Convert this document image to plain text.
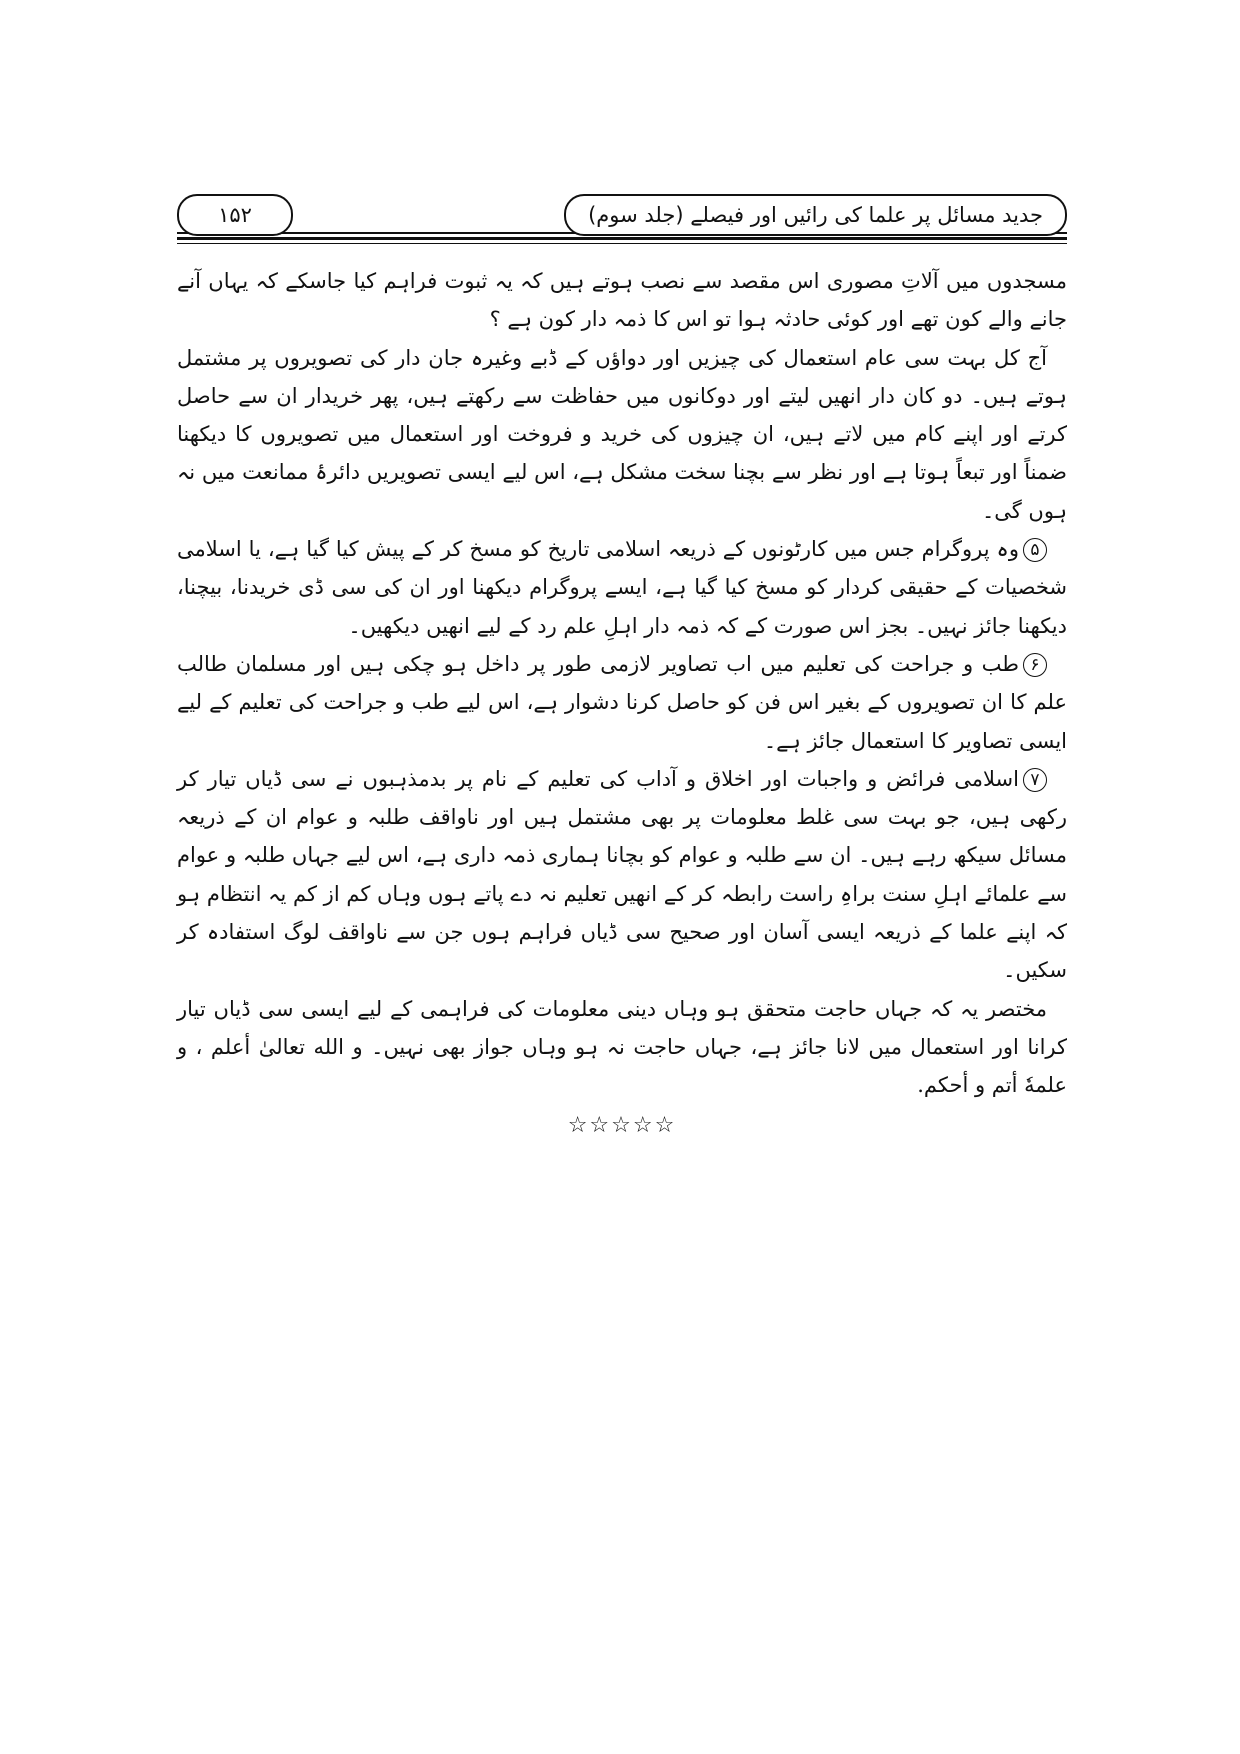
جدید مسائل پر علما کی رائیں اور فیصلے (جلد سوم)
۱۵۲

مسجدوں میں آلاتِ مصوری اس مقصد سے نصب ہوتے ہیں کہ یہ ثبوت فراہم کیا جاسکے کہ یہاں آنے جانے والے کون تھے اور کوئی حادثہ ہوا تو اس کا ذمہ دار کون ہے ؟

آج کل بہت سی عام استعمال کی چیزیں اور دواؤں کے ڈبے وغیرہ جان دار کی تصویروں پر مشتمل ہوتے ہیں۔ دو کان دار انھیں لیتے اور دوکانوں میں حفاظت سے رکھتے ہیں، پھر خریدار ان سے حاصل کرتے اور اپنے کام میں لاتے ہیں، ان چیزوں کی خرید و فروخت اور استعمال میں تصویروں کا دیکھنا ضمناً اور تبعاً ہوتا ہے اور نظر سے بچنا سخت مشکل ہے، اس لیے ایسی تصویریں دائرۂ ممانعت میں نہ ہوں گی۔

۵وہ پروگرام جس میں کارٹونوں کے ذریعہ اسلامی تاریخ کو مسخ کر کے پیش کیا گیا ہے، یا اسلامی شخصیات کے حقیقی کردار کو مسخ کیا گیا ہے، ایسے پروگرام دیکھنا اور ان کی سی ڈی خریدنا، بیچنا، دیکھنا جائز نہیں۔ بجز اس صورت کے کہ ذمہ دار اہلِ علم رد کے لیے انھیں دیکھیں۔

۶طب و جراحت کی تعلیم میں اب تصاویر لازمی طور پر داخل ہو چکی ہیں اور مسلمان طالب علم کا ان تصویروں کے بغیر اس فن کو حاصل کرنا دشوار ہے، اس لیے طب و جراحت کی تعلیم کے لیے ایسی تصاویر کا استعمال جائز ہے۔

۷اسلامی فرائض و واجبات اور اخلاق و آداب کی تعلیم کے نام پر بدمذہبوں نے سی ڈیاں تیار کر رکھی ہیں، جو بہت سی غلط معلومات پر بھی مشتمل ہیں اور ناواقف طلبہ و عوام ان کے ذریعہ مسائل سیکھ رہے ہیں۔ ان سے طلبہ و عوام کو بچانا ہماری ذمہ داری ہے، اس لیے جہاں طلبہ و عوام سے علمائے اہلِ سنت براہِ راست رابطہ کر کے انھیں تعلیم نہ دے پاتے ہوں وہاں کم از کم یہ انتظام ہو کہ اپنے علما کے ذریعہ ایسی آسان اور صحیح سی ڈیاں فراہم ہوں جن سے ناواقف لوگ استفادہ کر سکیں۔

مختصر یہ کہ جہاں حاجت متحقق ہو وہاں دینی معلومات کی فراہمی کے لیے ایسی سی ڈیاں تیار کرانا اور استعمال میں لانا جائز ہے، جہاں حاجت نہ ہو وہاں جواز بھی نہیں۔ و الله تعالىٰ أعلم ، و علمهٗ أتم و أحكم.

☆☆☆☆☆
